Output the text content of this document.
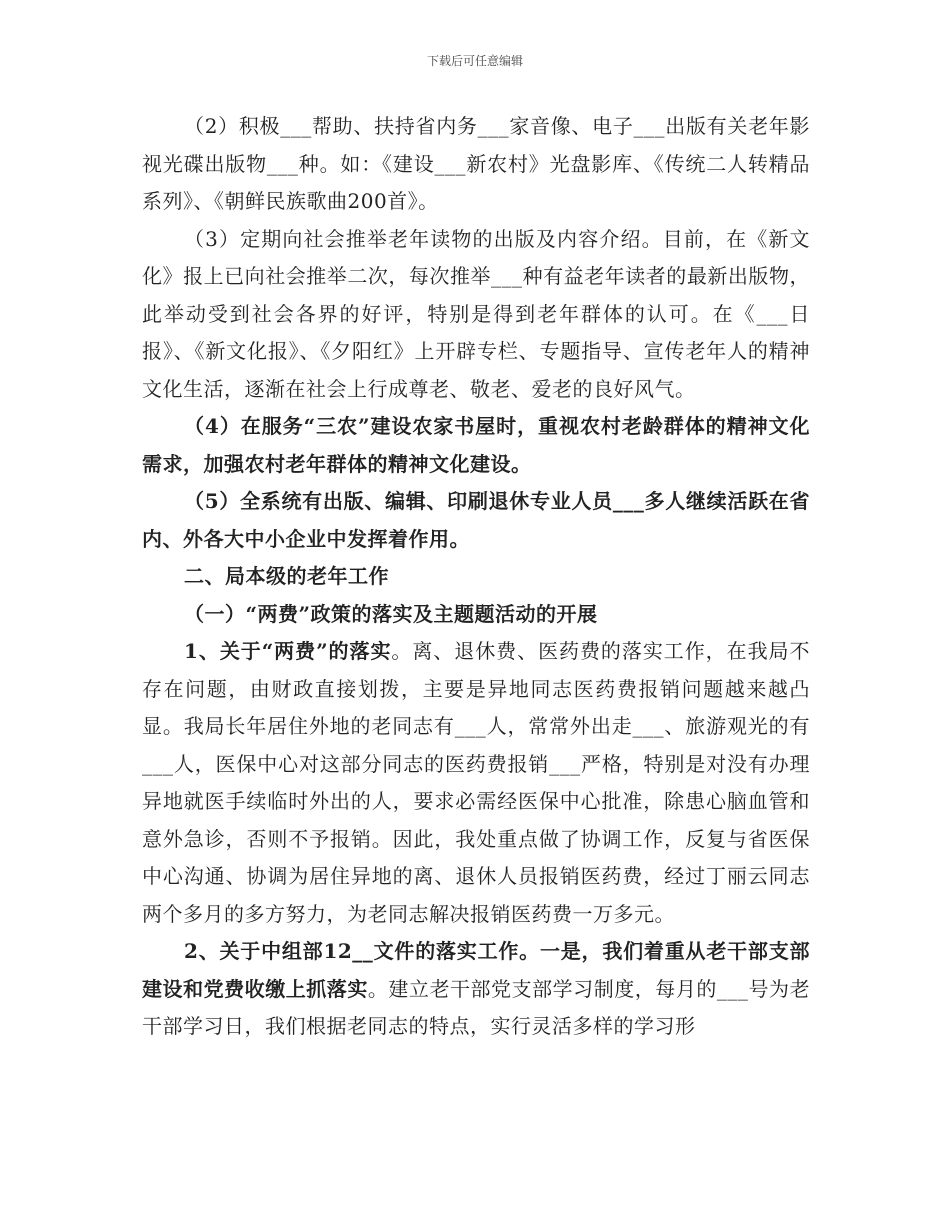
下载后可任意编辑

（2）积极___帮助、扶持省内务___家音像、电子___出版有关老年影视光碟出版物___种。如：《建设___新农村》光盘影库、《传统二人转精品系列》、《朝鲜民族歌曲200首》。

（3）定期向社会推举老年读物的出版及内容介绍。目前，在《新文化》报上已向社会推举二次，每次推举___种有益老年读者的最新出版物，此举动受到社会各界的好评，特别是得到老年群体的认可。在《___日报》、《新文化报》、《夕阳红》上开辟专栏、专题指导、宣传老年人的精神文化生活，逐渐在社会上行成尊老、敬老、爱老的良好风气。

（4）在服务“三农”建设农家书屋时，重视农村老龄群体的精神文化需求，加强农村老年群体的精神文化建设。

（5）全系统有出版、编辑、印刷退休专业人员___多人继续活跃在省内、外各大中小企业中发挥着作用。

二、局本级的老年工作

（一）“两费”政策的落实及主题题活动的开展

1、关于“两费”的落实。离、退休费、医药费的落实工作，在我局不存在问题，由财政直接划拨，主要是异地同志医药费报销问题越来越凸显。我局长年居住外地的老同志有___人，常常外出走___、旅游观光的有___人，医保中心对这部分同志的医药费报销___严格，特别是对没有办理异地就医手续临时外出的人，要求必需经医保中心批准，除患心脑血管和意外急诊，否则不予报销。因此，我处重点做了协调工作，反复与省医保中心沟通、协调为居住异地的离、退休人员报销医药费，经过丁丽云同志两个多月的多方努力，为老同志解决报销医药费一万多元。

2、关于中组部12__文件的落实工作。一是，我们着重从老干部支部建设和党费收缴上抓落实。建立老干部党支部学习制度，每月的___号为老干部学习日，我们根据老同志的特点，实行灵活多样的学习形
